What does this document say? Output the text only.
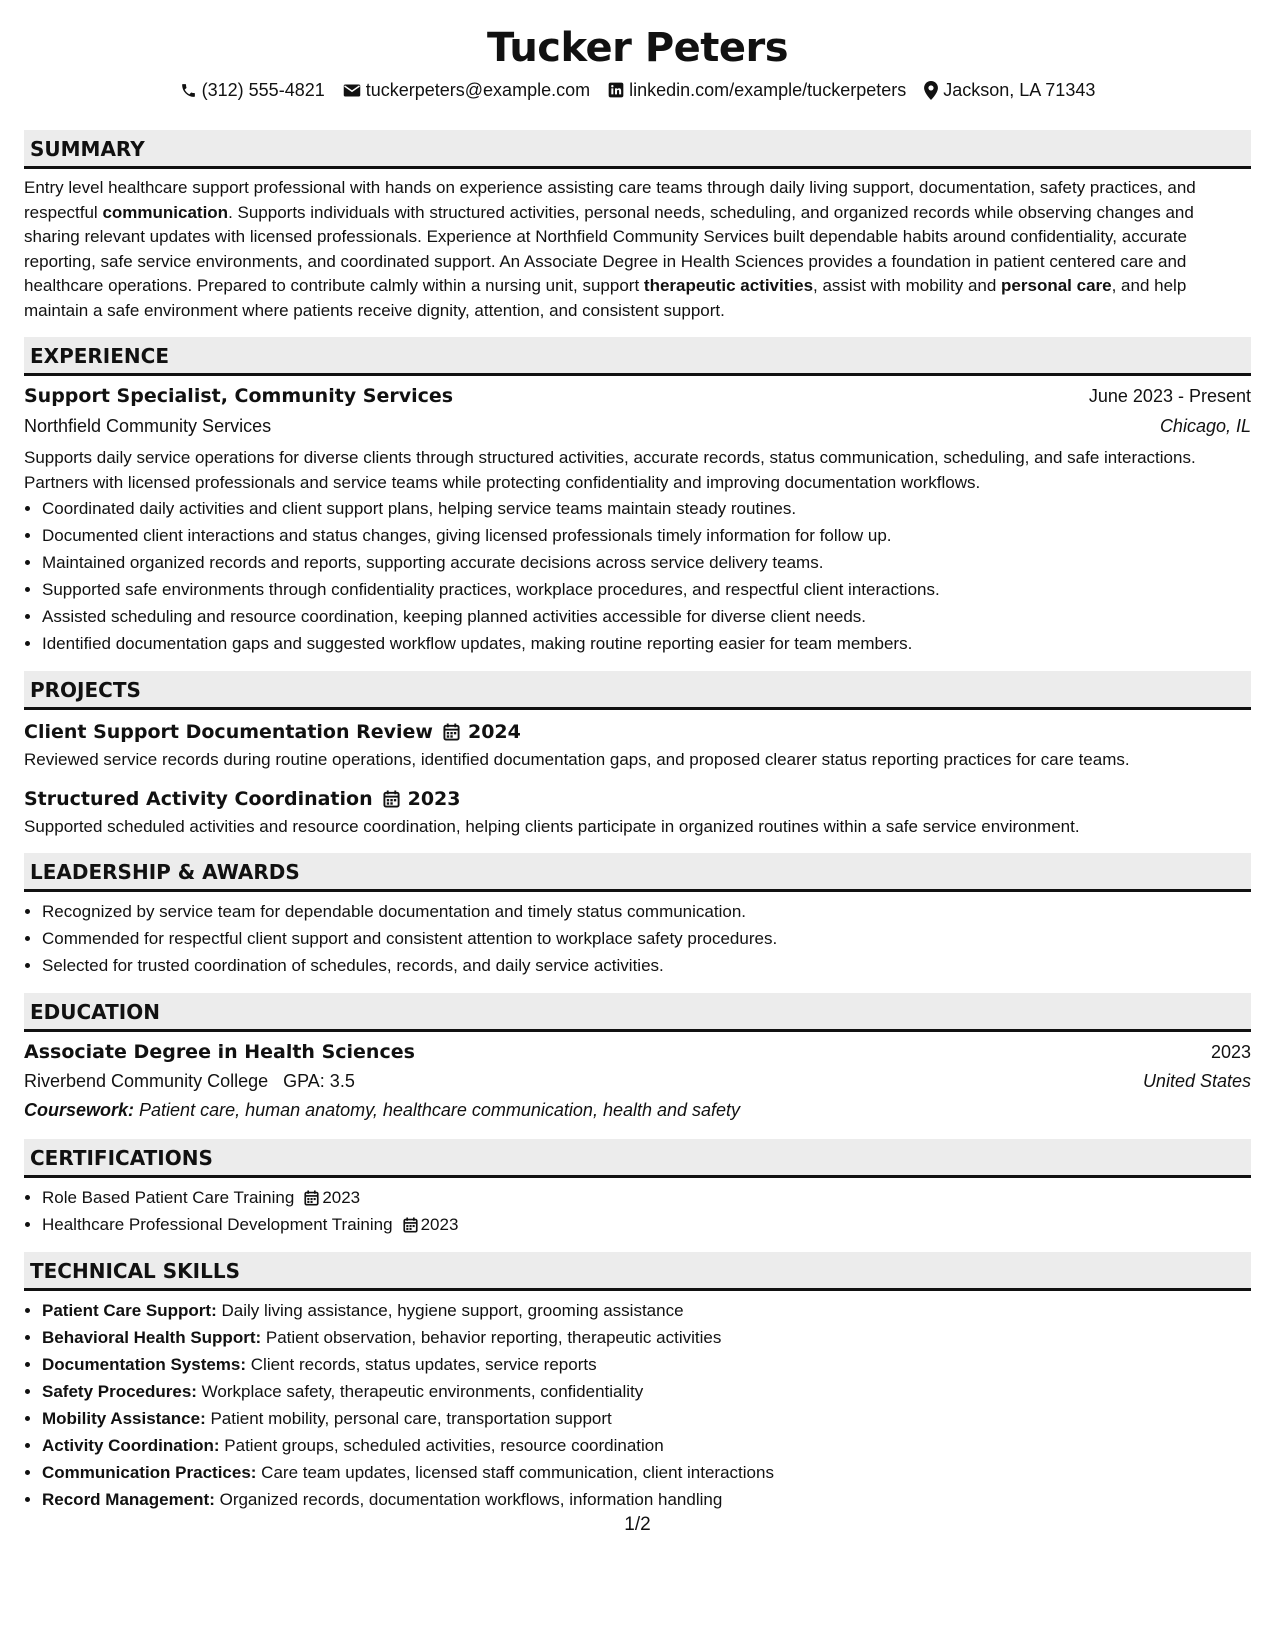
Tucker Peters
(312) 555-4821 tuckerpeters@example.com linkedin.com/example/tuckerpeters Jackson, LA 71343
SUMMARY
Entry level healthcare support professional with hands on experience assisting care teams through daily living support, documentation, safety practices, and respectful communication. Supports individuals with structured activities, personal needs, scheduling, and organized records while observing changes and sharing relevant updates with licensed professionals. Experience at Northfield Community Services built dependable habits around confidentiality, accurate reporting, safe service environments, and coordinated support. An Associate Degree in Health Sciences provides a foundation in patient centered care and healthcare operations. Prepared to contribute calmly within a nursing unit, support therapeutic activities, assist with mobility and personal care, and help maintain a safe environment where patients receive dignity, attention, and consistent support.
EXPERIENCE
Support Specialist, Community Services	June 2023 - Present
Northfield Community Services	Chicago, IL
Supports daily service operations for diverse clients through structured activities, accurate records, status communication, scheduling, and safe interactions. Partners with licensed professionals and service teams while protecting confidentiality and improving documentation workflows.
• Coordinated daily activities and client support plans, helping service teams maintain steady routines.
• Documented client interactions and status changes, giving licensed professionals timely information for follow up.
• Maintained organized records and reports, supporting accurate decisions across service delivery teams.
• Supported safe environments through confidentiality practices, workplace procedures, and respectful client interactions.
• Assisted scheduling and resource coordination, keeping planned activities accessible for diverse client needs.
• Identified documentation gaps and suggested workflow updates, making routine reporting easier for team members.
PROJECTS
Client Support Documentation Review 2024
Reviewed service records during routine operations, identified documentation gaps, and proposed clearer status reporting practices for care teams.
Structured Activity Coordination 2023
Supported scheduled activities and resource coordination, helping clients participate in organized routines within a safe service environment.
LEADERSHIP & AWARDS
• Recognized by service team for dependable documentation and timely status communication.
• Commended for respectful client support and consistent attention to workplace safety procedures.
• Selected for trusted coordination of schedules, records, and daily service activities.
EDUCATION
Associate Degree in Health Sciences	2023
Riverbend Community College GPA: 3.5	United States
Coursework: Patient care, human anatomy, healthcare communication, health and safety
CERTIFICATIONS
• Role Based Patient Care Training 2023
• Healthcare Professional Development Training 2023
TECHNICAL SKILLS
• Patient Care Support: Daily living assistance, hygiene support, grooming assistance
• Behavioral Health Support: Patient observation, behavior reporting, therapeutic activities
• Documentation Systems: Client records, status updates, service reports
• Safety Procedures: Workplace safety, therapeutic environments, confidentiality
• Mobility Assistance: Patient mobility, personal care, transportation support
• Activity Coordination: Patient groups, scheduled activities, resource coordination
• Communication Practices: Care team updates, licensed staff communication, client interactions
• Record Management: Organized records, documentation workflows, information handling
1/2
